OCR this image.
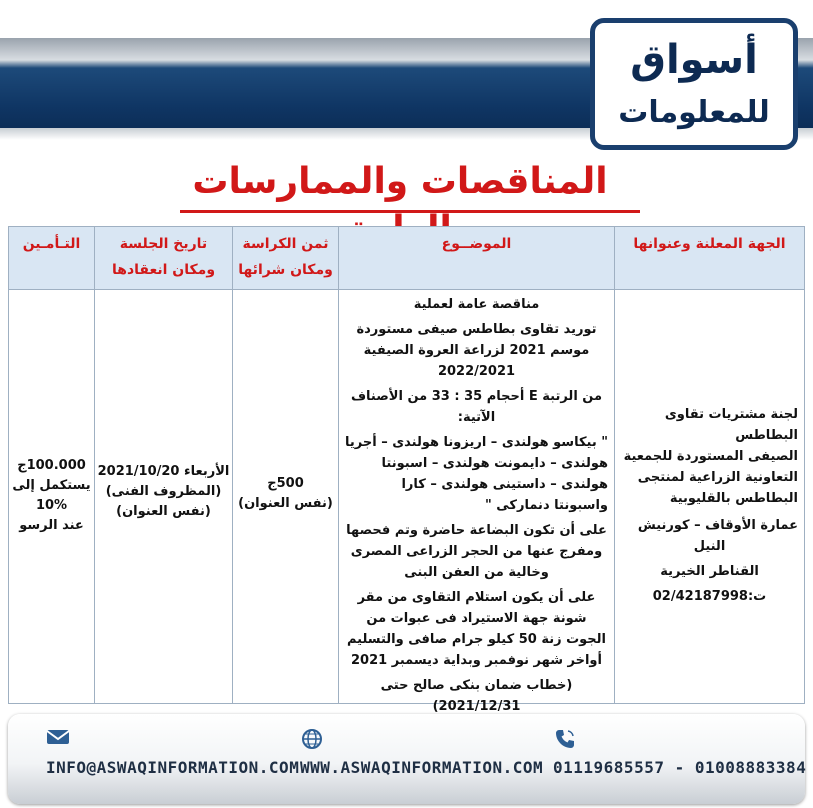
أسواق
للمعلومات
المناقصات والممارسات
الجهة المعلنة وعنوانها
الموضــوع
ثمن الكراسة
ومكان شرائها
تاريخ الجلسة
ومكان انعقادها
التـأمـين
لجنة مشتريات تقاوى البطاطس
الصيفى المستوردة للجمعية
التعاونية الزراعية لمنتجى
البطاطس بالقليوبية
عمارة الأوقاف – كورنيش
النيل
القناطر الخيرية
ت:02/42187998

مناقصة عامة لعملية

توريد تقاوى بطاطس صيفى مستوردة موسم 2021 لزراعة العروة الصيفية 2022/2021

من الرتبة E أحجام 35 : 33 من الأصناف الآتية:

" بيكاسو هولندى – اريزونا هولندى – أجريا هولندى – دايمونت هولندى – اسبونتا هولندى – داستينى هولندى – كارا واسبونتا دنماركى "

على أن تكون البضاعة حاضرة وتم فحصها ومفرج عنها من الحجر الزراعى المصرى وخالية من العفن البنى

على أن يكون استلام التقاوى من مقر شونة جهة الاستيراد فى عبوات من الجوت زنة 50 كيلو جرام صافى والتسليم أواخر شهر نوفمبر وبداية ديسمبر 2021

(خطاب ضمان بنكى صالح حتى 2021/12/31)

500ج
(نفس العنوان)
الأربعاء 2021/10/20
(المظروف الفنى)
(نفس العنوان)
100.000ج
يستكمل إلى
10%
عند الرسو
INFO@ASWAQINFORMATION.COM WWW.ASWAQINFORMATION.COM 01119685557 - 01008883384
